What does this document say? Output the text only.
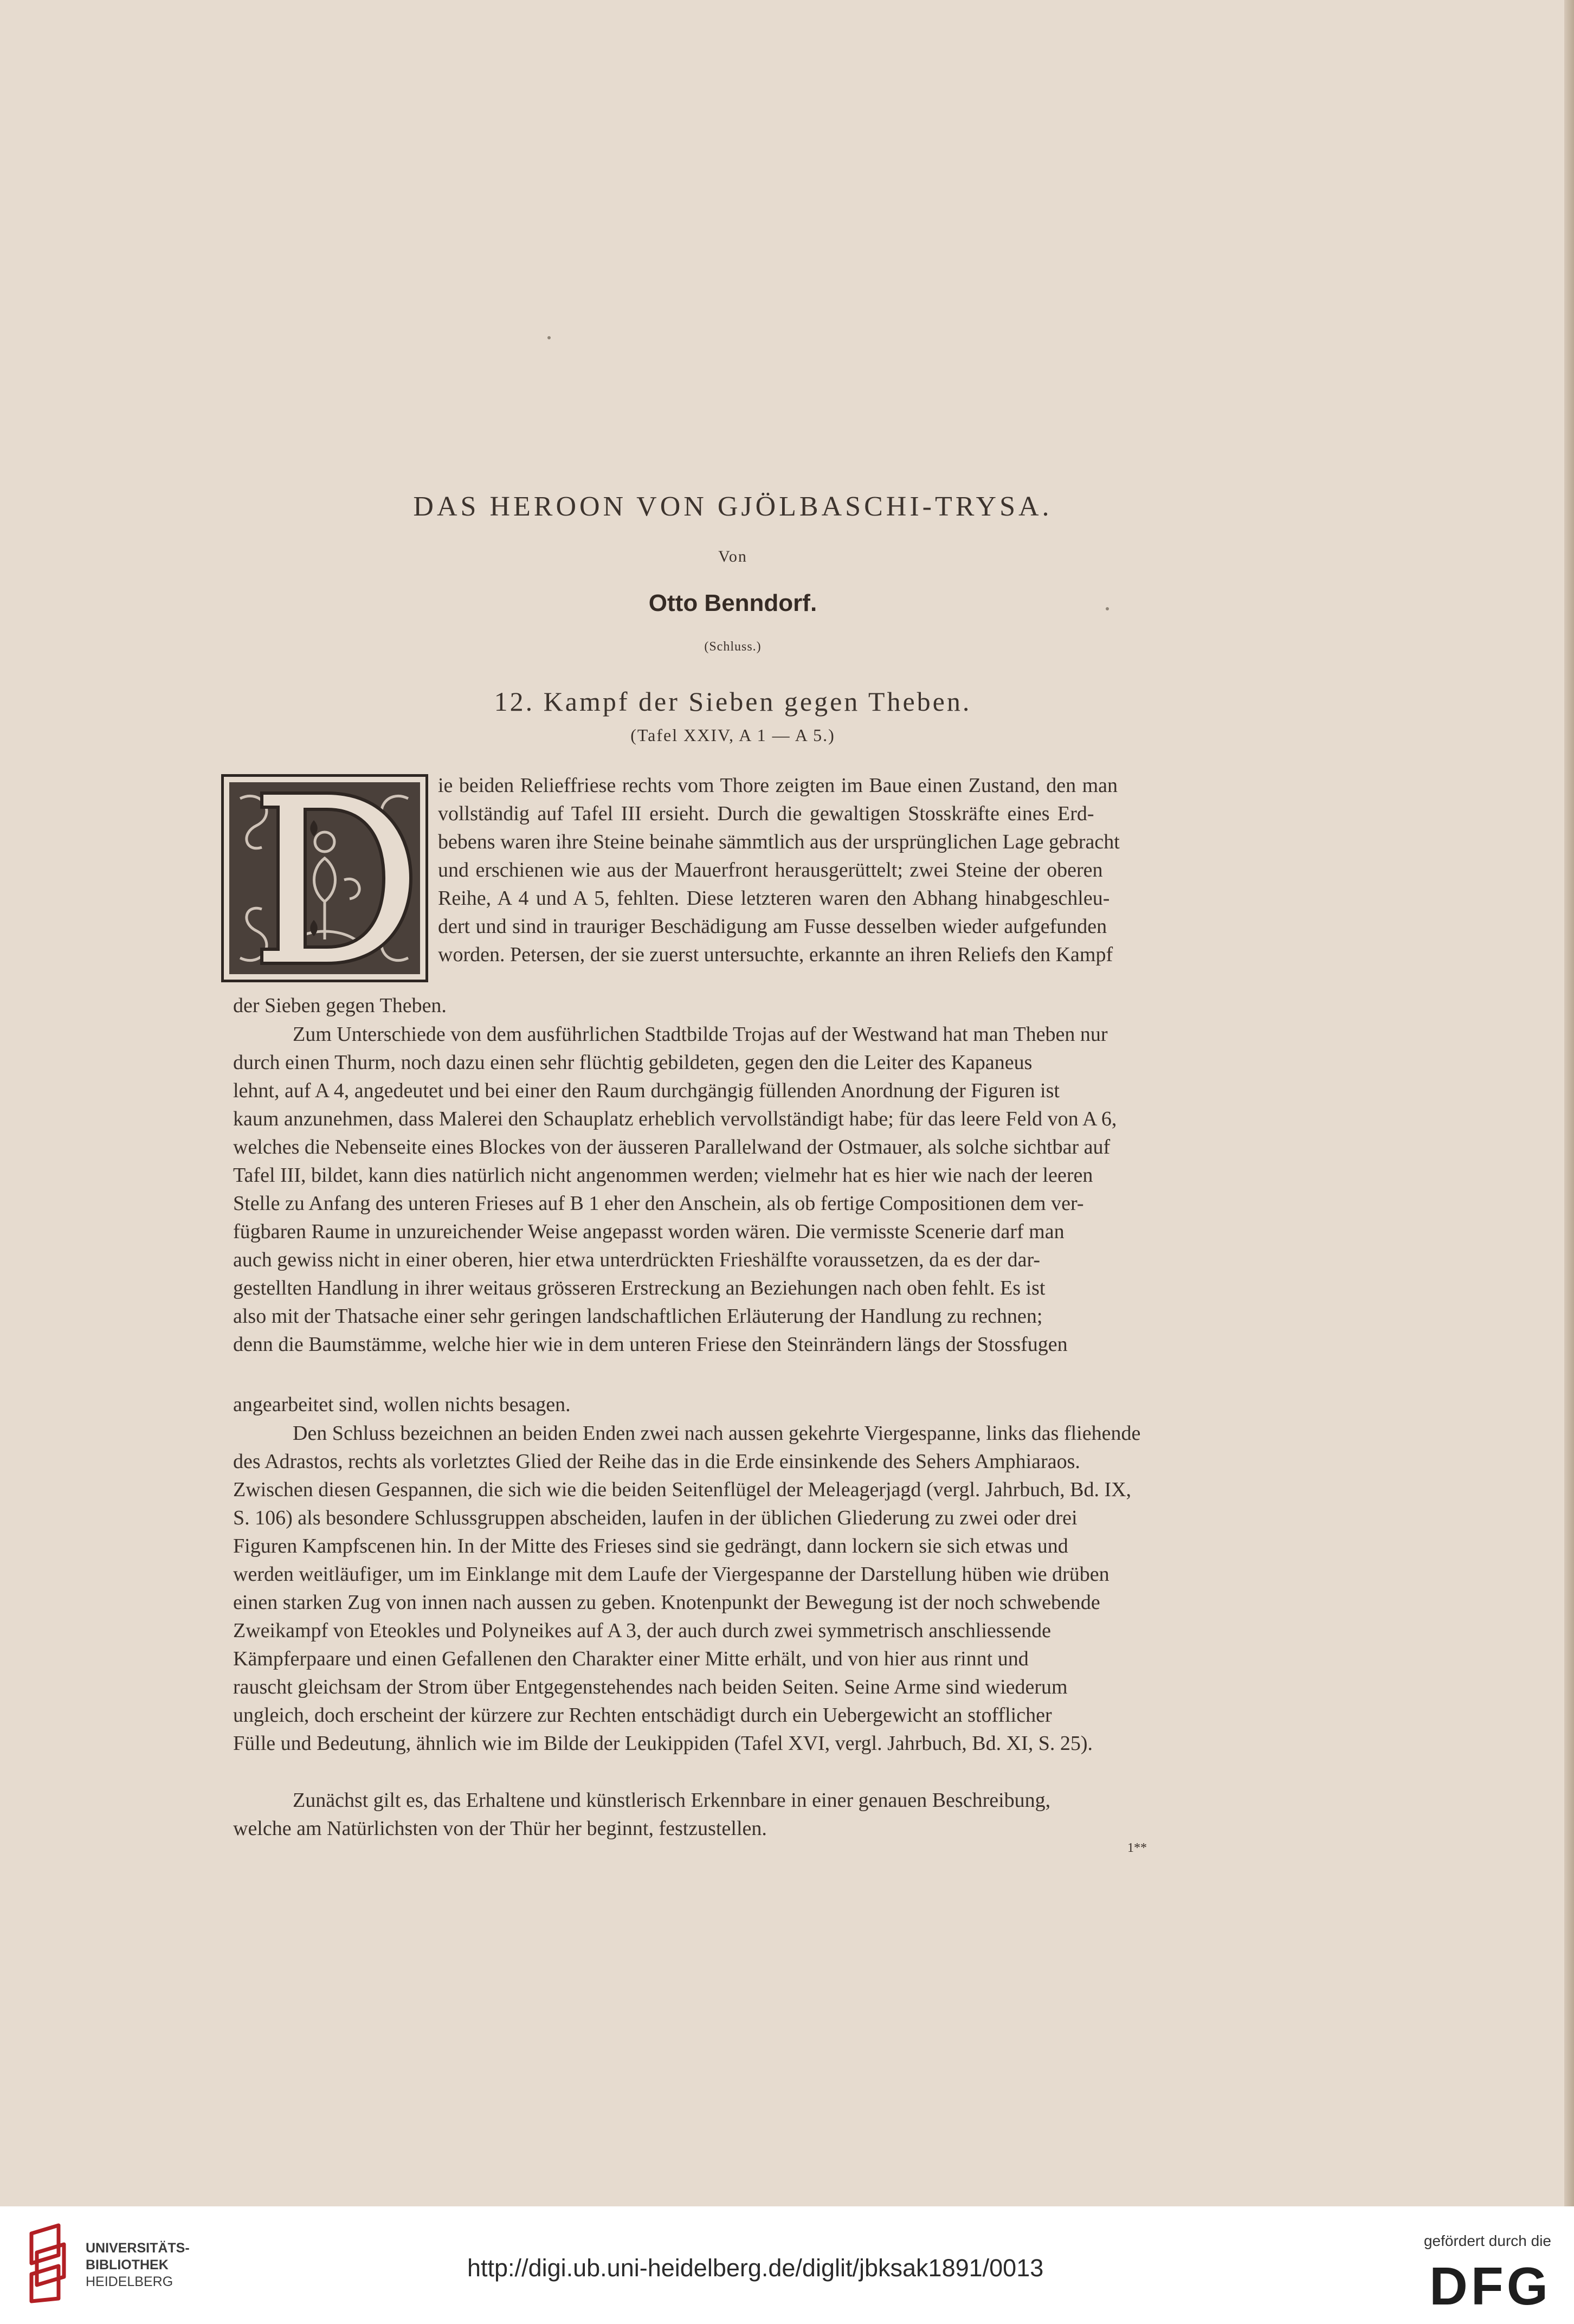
DAS HEROON VON GJÖLBASCHI-TRYSA.
Von
Otto Benndorf.
(Schluss.)
12. Kampf der Sieben gegen Theben.
(Tafel XXIV, A 1 — A 5.)
ie beiden Relieffriese rechts vom Thore zeigten im Baue einen Zustand, den man
vollständig auf Tafel III ersieht. Durch die gewaltigen Stosskräfte eines Erd-
bebens waren ihre Steine beinahe sämmtlich aus der ursprünglichen Lage gebracht
und erschienen wie aus der Mauerfront herausgerüttelt; zwei Steine der oberen
Reihe, A 4 und A 5, fehlten. Diese letzteren waren den Abhang hinabgeschleu-
dert und sind in trauriger Beschädigung am Fusse desselben wieder aufgefunden
worden. Petersen, der sie zuerst untersuchte, erkannte an ihren Reliefs den Kampf
der Sieben gegen Theben.
Zum Unterschiede von dem ausführlichen Stadtbilde Trojas auf der Westwand hat man Theben nur
durch einen Thurm, noch dazu einen sehr flüchtig gebildeten, gegen den die Leiter des Kapaneus
lehnt, auf A 4, angedeutet und bei einer den Raum durchgängig füllenden Anordnung der Figuren ist
kaum anzunehmen, dass Malerei den Schauplatz erheblich vervollständigt habe; für das leere Feld von A 6,
welches die Nebenseite eines Blockes von der äusseren Parallelwand der Ostmauer, als solche sichtbar auf
Tafel III, bildet, kann dies natürlich nicht angenommen werden; vielmehr hat es hier wie nach der leeren
Stelle zu Anfang des unteren Frieses auf B 1 eher den Anschein, als ob fertige Compositionen dem ver-
fügbaren Raume in unzureichender Weise angepasst worden wären. Die vermisste Scenerie darf man
auch gewiss nicht in einer oberen, hier etwa unterdrückten Frieshälfte voraussetzen, da es der dar-
gestellten Handlung in ihrer weitaus grösseren Erstreckung an Beziehungen nach oben fehlt. Es ist
also mit der Thatsache einer sehr geringen landschaftlichen Erläuterung der Handlung zu rechnen;
denn die Baumstämme, welche hier wie in dem unteren Friese den Steinrändern längs der Stossfugen
angearbeitet sind, wollen nichts besagen.
Den Schluss bezeichnen an beiden Enden zwei nach aussen gekehrte Viergespanne, links das fliehende
des Adrastos, rechts als vorletztes Glied der Reihe das in die Erde einsinkende des Sehers Amphiaraos.
Zwischen diesen Gespannen, die sich wie die beiden Seitenflügel der Meleagerjagd (vergl. Jahrbuch, Bd. IX,
S. 106) als besondere Schlussgruppen abscheiden, laufen in der üblichen Gliederung zu zwei oder drei
Figuren Kampfscenen hin. In der Mitte des Frieses sind sie gedrängt, dann lockern sie sich etwas und
werden weitläufiger, um im Einklange mit dem Laufe der Viergespanne der Darstellung hüben wie drüben
einen starken Zug von innen nach aussen zu geben. Knotenpunkt der Bewegung ist der noch schwebende
Zweikampf von Eteokles und Polyneikes auf A 3, der auch durch zwei symmetrisch anschliessende
Kämpferpaare und einen Gefallenen den Charakter einer Mitte erhält, und von hier aus rinnt und
rauscht gleichsam der Strom über Entgegenstehendes nach beiden Seiten. Seine Arme sind wiederum
ungleich, doch erscheint der kürzere zur Rechten entschädigt durch ein Uebergewicht an stofflicher
Fülle und Bedeutung, ähnlich wie im Bilde der Leukippiden (Tafel XVI, vergl. Jahrbuch, Bd. XI, S. 25).
Zunächst gilt es, das Erhaltene und künstlerisch Erkennbare in einer genauen Beschreibung,
welche am Natürlichsten von der Thür her beginnt, festzustellen.
1**
UNIVERSITÄTS-
BIBLIOTHEK
HEIDELBERG	http://digi.ub.uni-heidelberg.de/diglit/jbksak1891/0013
gefördert durch die
DFG
